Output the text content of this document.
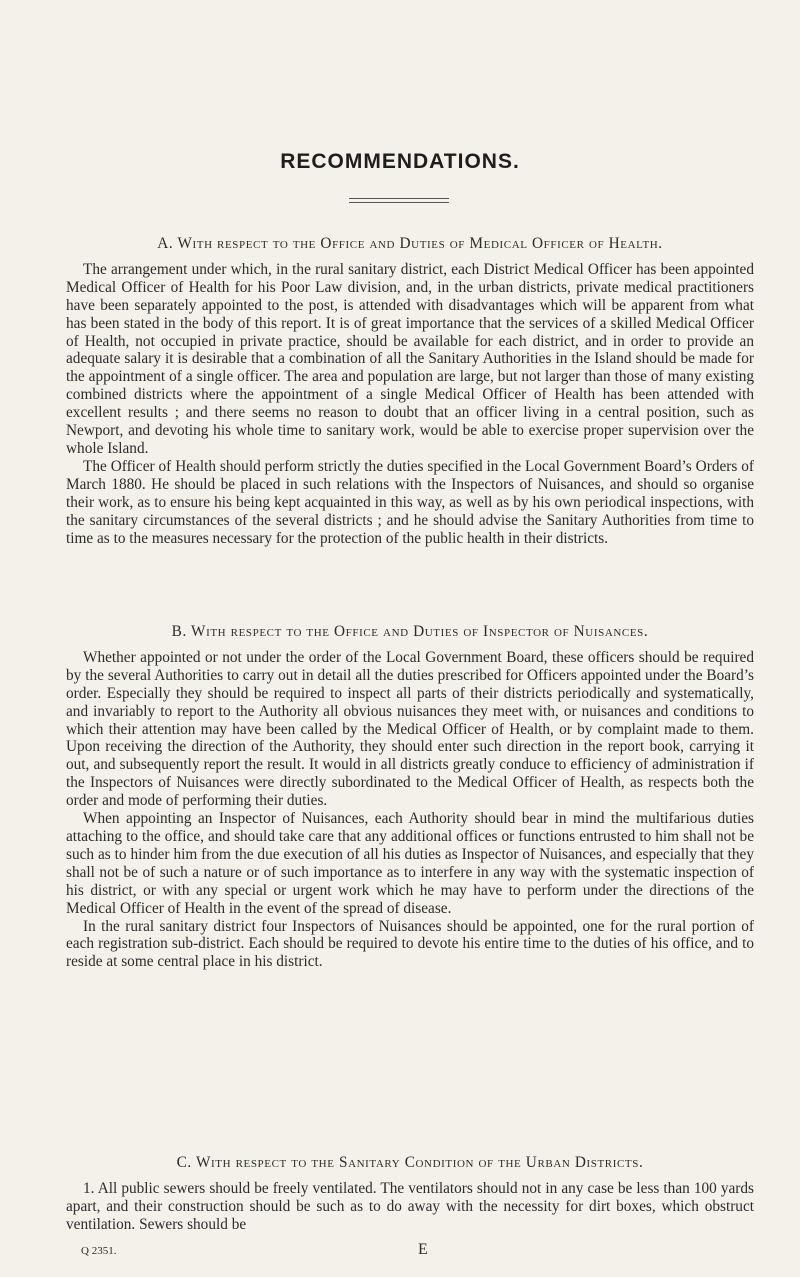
RECOMMENDATIONS.

A. With respect to the Office and Duties of Medical Officer of Health.

The arrangement under which, in the rural sanitary district, each District Medical Officer has been appointed Medical Officer of Health for his Poor Law division, and, in the urban districts, private medical practitioners have been separately appointed to the post, is attended with disadvantages which will be apparent from what has been stated in the body of this report. It is of great importance that the services of a skilled Medical Officer of Health, not occupied in private practice, should be available for each district, and in order to provide an adequate salary it is desirable that a combination of all the Sanitary Authorities in the Island should be made for the appointment of a single officer. The area and population are large, but not larger than those of many existing combined districts where the appointment of a single Medical Officer of Health has been attended with excellent results ; and there seems no reason to doubt that an officer living in a central position, such as Newport, and devoting his whole time to sanitary work, would be able to exercise proper supervision over the whole Island.

The Officer of Health should perform strictly the duties specified in the Local Government Board’s Orders of March 1880. He should be placed in such relations with the Inspectors of Nuisances, and should so organise their work, as to ensure his being kept acquainted in this way, as well as by his own periodical inspections, with the sanitary circumstances of the several districts ; and he should advise the Sanitary Authorities from time to time as to the measures necessary for the protection of the public health in their districts.

B. With respect to the Office and Duties of Inspector of Nuisances.

Whether appointed or not under the order of the Local Government Board, these officers should be required by the several Authorities to carry out in detail all the duties prescribed for Officers appointed under the Board’s order. Especially they should be required to inspect all parts of their districts periodically and systematically, and invariably to report to the Authority all obvious nuisances they meet with, or nuisances and conditions to which their attention may have been called by the Medical Officer of Health, or by complaint made to them. Upon receiving the direction of the Authority, they should enter such direction in the report book, carrying it out, and subsequently report the result. It would in all districts greatly conduce to efficiency of administration if the Inspectors of Nuisances were directly subordinated to the Medical Officer of Health, as respects both the order and mode of performing their duties.

When appointing an Inspector of Nuisances, each Authority should bear in mind the multifarious duties attaching to the office, and should take care that any additional offices or functions entrusted to him shall not be such as to hinder him from the due execution of all his duties as Inspector of Nuisances, and especially that they shall not be of such a nature or of such importance as to interfere in any way with the systematic inspection of his district, or with any special or urgent work which he may have to perform under the directions of the Medical Officer of Health in the event of the spread of disease.

In the rural sanitary district four Inspectors of Nuisances should be appointed, one for the rural portion of each registration sub-district. Each should be required to devote his entire time to the duties of his office, and to reside at some central place in his district.

C. With respect to the Sanitary Condition of the Urban Districts.

1. All public sewers should be freely ventilated. The ventilators should not in any case be less than 100 yards apart, and their construction should be such as to do away with the necessity for dirt boxes, which obstruct ventilation. Sewers should be

Q 2351.	E
